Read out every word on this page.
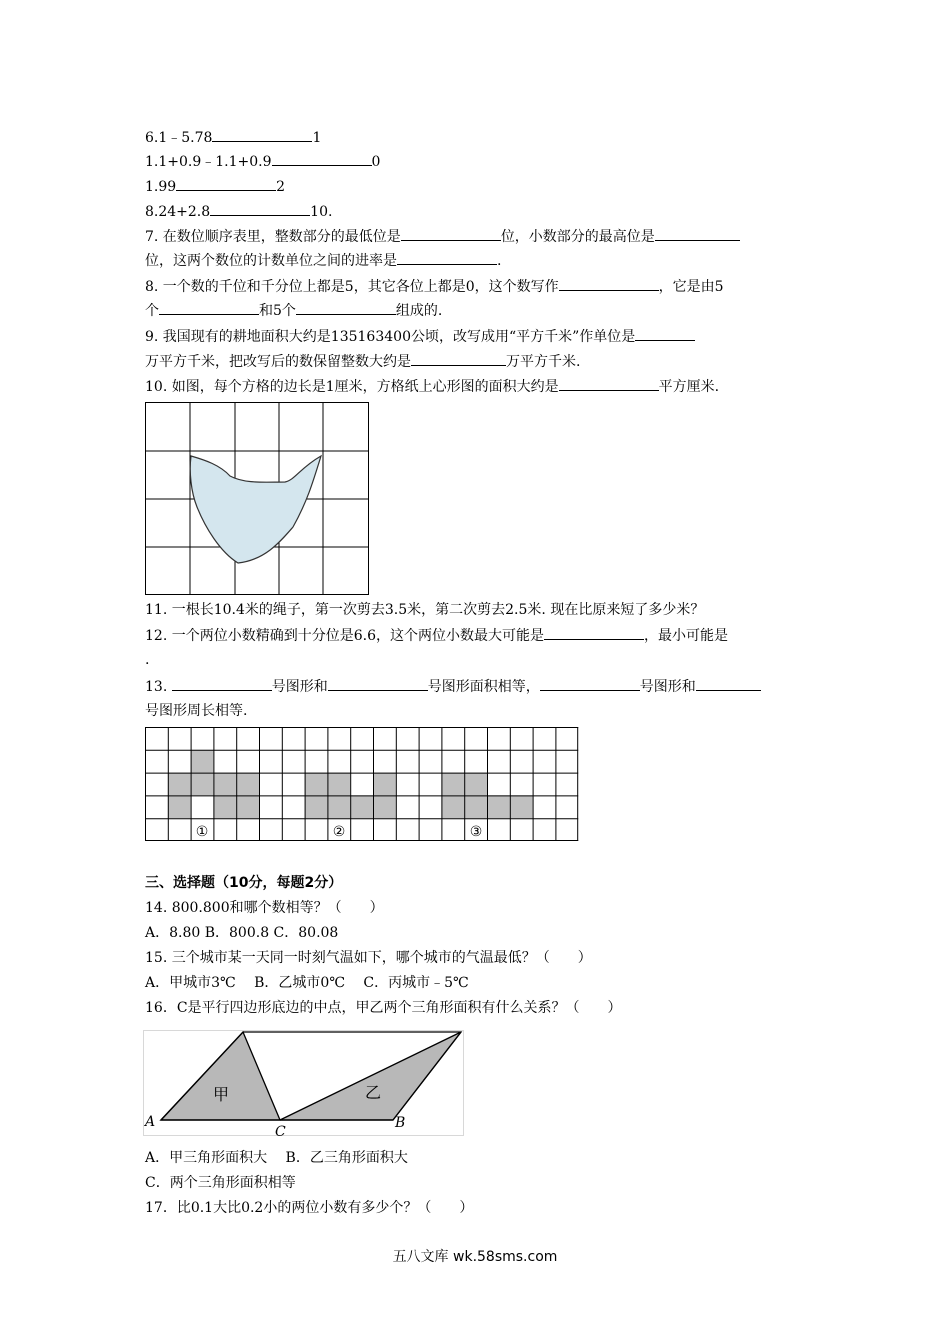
6.1﹣5.78	1
1.1+0.9﹣1.1+0.9	0
1.99	2
8.24+2.8	10.
7. 在数位顺序表里，整数部分的最低位是	位，小数部分的最高位是
位，这两个数位的计数单位之间的进率是	.
8. 一个数的千位和千分位上都是5，其它各位上都是0，这个数写作	，它是由5
个	和5个	组成的.
9. 我国现有的耕地面积大约是135163400公顷，改写成用“平方千米”作单位是
万平方千米，把改写后的数保留整数大约是	万平方千米.
10. 如图，每个方格的边长是1厘米，方格纸上心形图的面积大约是	平方厘米.
11. 一根长10.4米的绳子，第一次剪去3.5米，第二次剪去2.5米. 现在比原来短了多少米？
12. 一个两位小数精确到十分位是6.6，这个两位小数最大可能是	，最小可能是
.
13.	号图形和	号图形面积相等，	号图形和
号图形周长相等.
①	②	③
三、选择题（10分，每题2分）
14. 800.800和哪个数相等？（　　）
A．8.80 B．800.8 C．80.08
15. 三个城市某一天同一时刻气温如下，哪个城市的气温最低？（　　）
A．甲城市3℃　 B．乙城市0℃　 C．丙城市﹣5℃
16．C是平行四边形底边的中点，甲乙两个三角形面积有什么关系？（　　）
甲	乙
A
C
B
A．甲三角形面积大　 B．乙三角形面积大
C．两个三角形面积相等
17．比0.1大比0.2小的两位小数有多少个？（　　）
五八文库 wk.58sms.com
